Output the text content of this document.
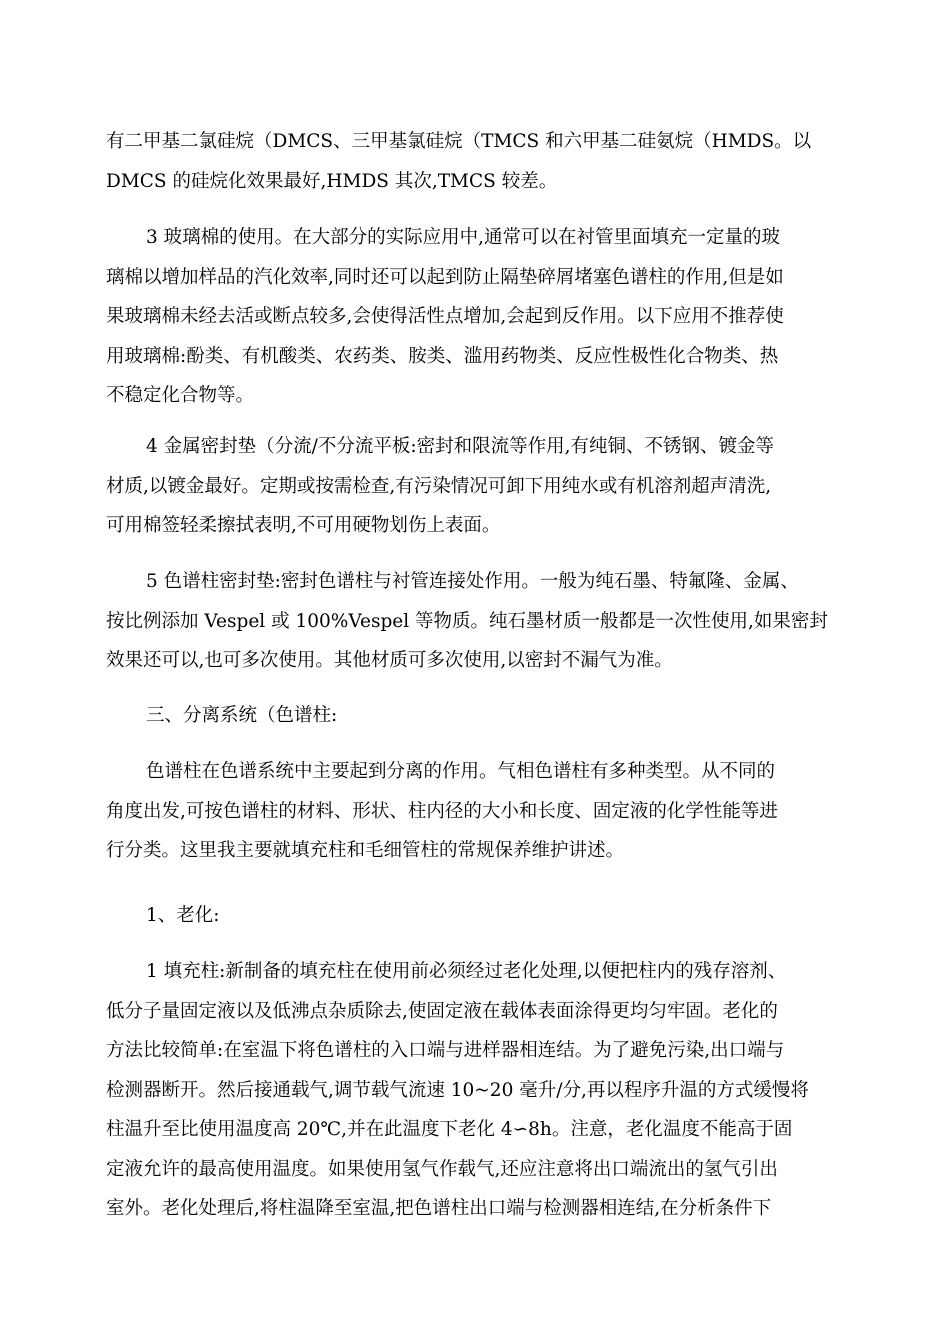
有二甲基二氯硅烷（DMCS、三甲基氯硅烷（TMCS 和六甲基二硅氨烷（HMDS。以
DMCS 的硅烷化效果最好,HMDS 其次,TMCS 较差。
3 玻璃棉的使用。在大部分的实际应用中,通常可以在衬管里面填充一定量的玻
璃棉以增加样品的汽化效率,同时还可以起到防止隔垫碎屑堵塞色谱柱的作用,但是如
果玻璃棉未经去活或断点较多,会使得活性点增加,会起到反作用。以下应用不推荐使
用玻璃棉:酚类、有机酸类、农药类、胺类、滥用药物类、反应性极性化合物类、热
不稳定化合物等。
4 金属密封垫（分流/不分流平板:密封和限流等作用,有纯铜、不锈钢、镀金等
材质,以镀金最好。定期或按需检查,有污染情况可卸下用纯水或有机溶剂超声清洗,
可用棉签轻柔擦拭表明,不可用硬物划伤上表面。
5 色谱柱密封垫:密封色谱柱与衬管连接处作用。一般为纯石墨、特氟隆、金属、
按比例添加 Vespel 或 100%Vespel 等物质。纯石墨材质一般都是一次性使用,如果密封
效果还可以,也可多次使用。其他材质可多次使用,以密封不漏气为准。
三、分离系统（色谱柱:
色谱柱在色谱系统中主要起到分离的作用。气相色谱柱有多种类型。从不同的
角度出发,可按色谱柱的材料、形状、柱内径的大小和长度、固定液的化学性能等进
行分类。这里我主要就填充柱和毛细管柱的常规保养维护讲述。
1、老化:
1 填充柱:新制备的填充柱在使用前必须经过老化处理,以便把柱内的残存溶剂、
低分子量固定液以及低沸点杂质除去,使固定液在载体表面涂得更均匀牢固。老化的
方法比较简单:在室温下将色谱柱的入口端与进样器相连结。为了避免污染,出口端与
检测器断开。然后接通载气,调节载气流速 10~20 毫升/分,再以程序升温的方式缓慢将
柱温升至比使用温度高 20℃,并在此温度下老化 4∽8h。注意，老化温度不能高于固
定液允许的最高使用温度。如果使用氢气作载气,还应注意将出口端流出的氢气引出
室外。老化处理后,将柱温降至室温,把色谱柱出口端与检测器相连结,在分析条件下
